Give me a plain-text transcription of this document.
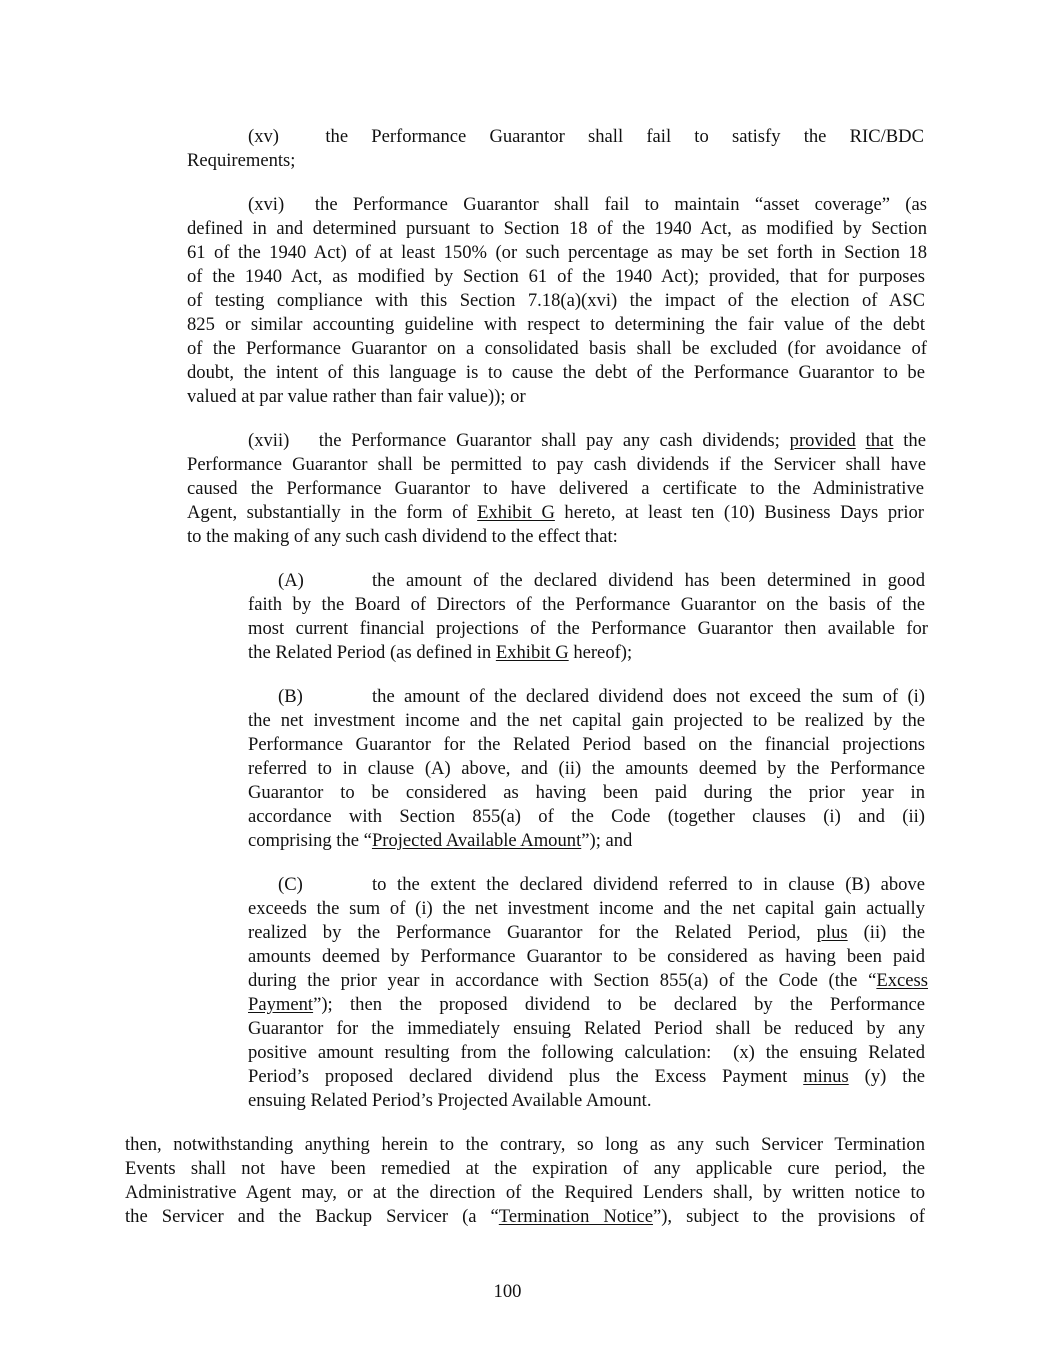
(xv)  the Performance Guarantor shall fail to satisfy the RIC/BDC
Requirements;
(xvi)  the Performance Guarantor shall fail to maintain “asset coverage” (as
defined in and determined pursuant to Section 18 of the 1940 Act, as modified by Section
61 of the 1940 Act) of at least 150% (or such percentage as may be set forth in Section 18
of the 1940 Act, as modified by Section 61 of the 1940 Act); provided, that for purposes
of testing compliance with this Section 7.18(a)(xvi) the impact of the election of ASC
825 or similar accounting guideline with respect to determining the fair value of the debt
of the Performance Guarantor on a consolidated basis shall be excluded (for avoidance of
doubt, the intent of this language is to cause the debt of the Performance Guarantor to be
valued at par value rather than fair value)); or
(xvii)   the Performance Guarantor shall pay any cash dividends; provided that the
Performance Guarantor shall be permitted to pay cash dividends if the Servicer shall have
caused the Performance Guarantor to have delivered a certificate to the Administrative
Agent, substantially in the form of Exhibit G hereto, at least ten (10) Business Days prior
to the making of any such cash dividend to the effect that:
(A)	the amount of the declared dividend has been determined in good
faith by the Board of Directors of the Performance Guarantor on the basis of the
most current financial projections of the Performance Guarantor then available for
the Related Period (as defined in Exhibit G hereof);
(B)	the amount of the declared dividend does not exceed the sum of (i)
the net investment income and the net capital gain projected to be realized by the
Performance Guarantor for the Related Period based on the financial projections
referred to in clause (A) above, and (ii) the amounts deemed by the Performance
Guarantor to be considered as having been paid during the prior year in
accordance with Section 855(a) of the Code (together clauses (i) and (ii)
comprising the “Projected Available Amount”); and
(C)	to the extent the declared dividend referred to in clause (B) above
exceeds the sum of (i) the net investment income and the net capital gain actually
realized by the Performance Guarantor for the Related Period, plus (ii) the
amounts deemed by Performance Guarantor to be considered as having been paid
during the prior year in accordance with Section 855(a) of the Code (the “Excess
Payment”); then the proposed dividend to be declared by the Performance
Guarantor for the immediately ensuing Related Period shall be reduced by any
positive amount resulting from the following calculation:  (x) the ensuing Related
Period’s proposed declared dividend plus the Excess Payment minus (y) the
ensuing Related Period’s Projected Available Amount.
then, notwithstanding anything herein to the contrary, so long as any such Servicer Termination
Events shall not have been remedied at the expiration of any applicable cure period, the
Administrative Agent may, or at the direction of the Required Lenders shall, by written notice to
the Servicer and the Backup Servicer (a “Termination Notice”), subject to the provisions of
100
